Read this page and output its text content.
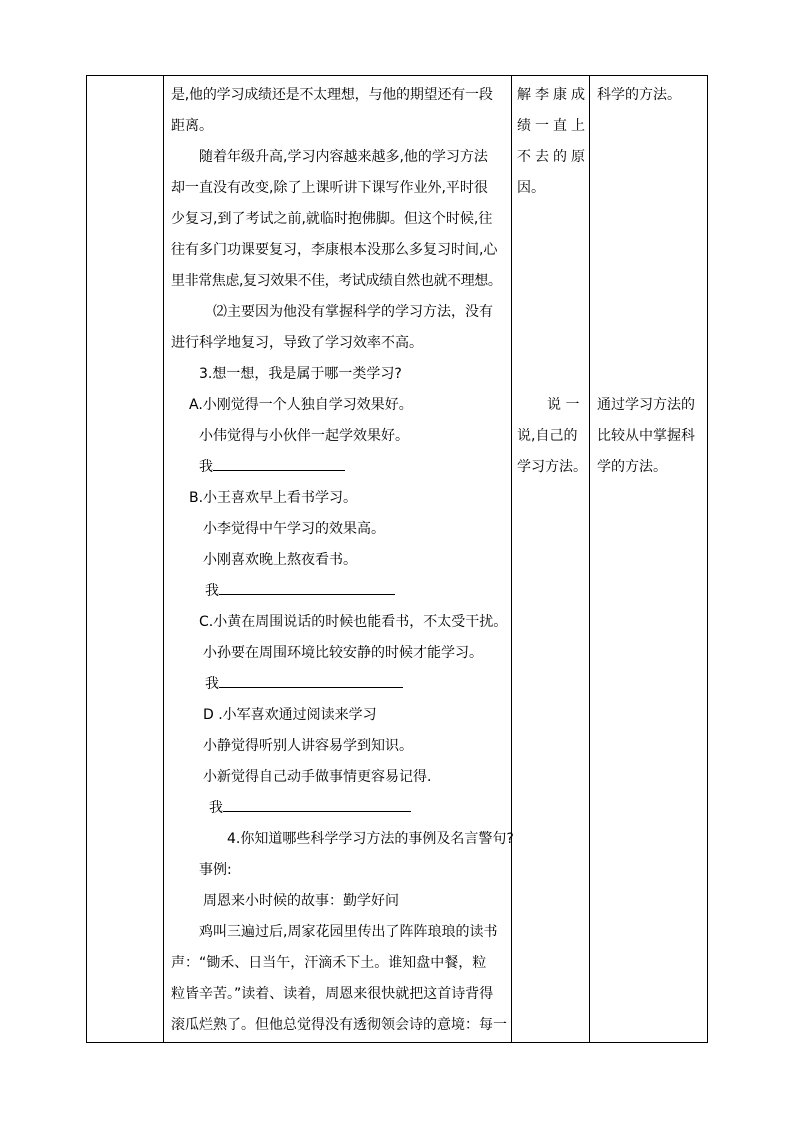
是,他的学习成绩还是不太理想，与他的期望还有一段

距离。

随着年级升高,学习内容越来越多,他的学习方法

却一直没有改变,除了上课听讲下课写作业外,平时很

少复习,到了考试之前,就临时抱佛脚。但这个时候,往

往有多门功课要复习，李康根本没那么多复习时间,心

里非常焦虑,复习效果不佳，考试成绩自然也就不理想。

⑵主要因为他没有掌握科学的学习方法，没有

进行科学地复习，导致了学习效率不高。

3.想一想，我是属于哪一类学习?

A.小刚觉得一个人独自学习效果好。

小伟觉得与小伙伴一起学效果好。

我

B.小王喜欢早上看书学习。

小李觉得中午学习的效果高。

小刚喜欢晚上熬夜看书。

我

C.小黄在周围说话的时候也能看书，不太受干扰。

小孙要在周围环境比较安静的时候才能学习。

我

D .小军喜欢通过阅读来学习

小静觉得听别人讲容易学到知识。

小新觉得自己动手做事情更容易记得.

我

4.你知道哪些科学学习方法的事例及名言警句?

事例:

周恩来小时候的故事：勤学好问

鸡叫三遍过后,周家花园里传出了阵阵琅琅的读书

声：“锄禾、日当午，汗滴禾下土。谁知盘中餐，粒

粒皆辛苦。”读着、读着，周恩来很快就把这首诗背得

滚瓜烂熟了。但他总觉得没有透彻领会诗的意境：每一

解李康成

绩一直上

不去的原

因。

说 一

说,自己的

学习方法。

科学的方法。

通过学习方法的

比较从中掌握科

学的方法。
